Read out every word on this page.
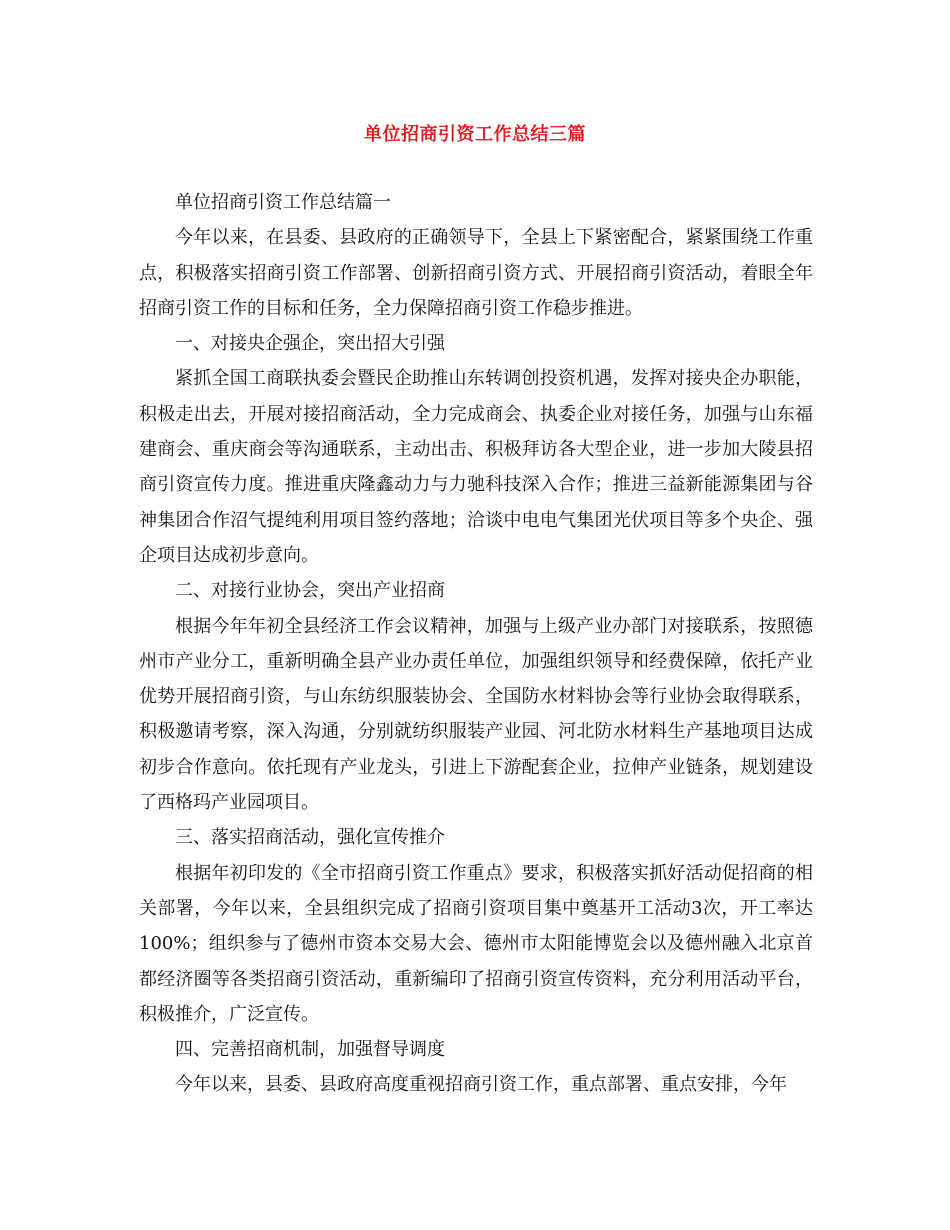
单位招商引资工作总结三篇

单位招商引资工作总结篇一

今年以来，在县委、县政府的正确领导下，全县上下紧密配合，紧紧围绕工作重点，积极落实招商引资工作部署、创新招商引资方式、开展招商引资活动，着眼全年招商引资工作的目标和任务，全力保障招商引资工作稳步推进。

一、对接央企强企，突出招大引强

紧抓全国工商联执委会暨民企助推山东转调创投资机遇，发挥对接央企办职能，积极走出去，开展对接招商活动，全力完成商会、执委企业对接任务，加强与山东福建商会、重庆商会等沟通联系，主动出击、积极拜访各大型企业，进一步加大陵县招商引资宣传力度。推进重庆隆鑫动力与力驰科技深入合作；推进三益新能源集团与谷神集团合作沼气提纯利用项目签约落地；洽谈中电电气集团光伏项目等多个央企、强企项目达成初步意向。

二、对接行业协会，突出产业招商

根据今年年初全县经济工作会议精神，加强与上级产业办部门对接联系，按照德州市产业分工，重新明确全县产业办责任单位，加强组织领导和经费保障，依托产业优势开展招商引资，与山东纺织服装协会、全国防水材料协会等行业协会取得联系，积极邀请考察，深入沟通，分别就纺织服装产业园、河北防水材料生产基地项目达成初步合作意向。依托现有产业龙头，引进上下游配套企业，拉伸产业链条，规划建设了西格玛产业园项目。

三、落实招商活动，强化宣传推介

根据年初印发的《全市招商引资工作重点》要求，积极落实抓好活动促招商的相关部署，今年以来，全县组织完成了招商引资项目集中奠基开工活动3次，开工率达100%；组织参与了德州市资本交易大会、德州市太阳能博览会以及德州融入北京首都经济圈等各类招商引资活动，重新编印了招商引资宣传资料，充分利用活动平台，积极推介，广泛宣传。

四、完善招商机制，加强督导调度

今年以来，县委、县政府高度重视招商引资工作，重点部署、重点安排，今年
